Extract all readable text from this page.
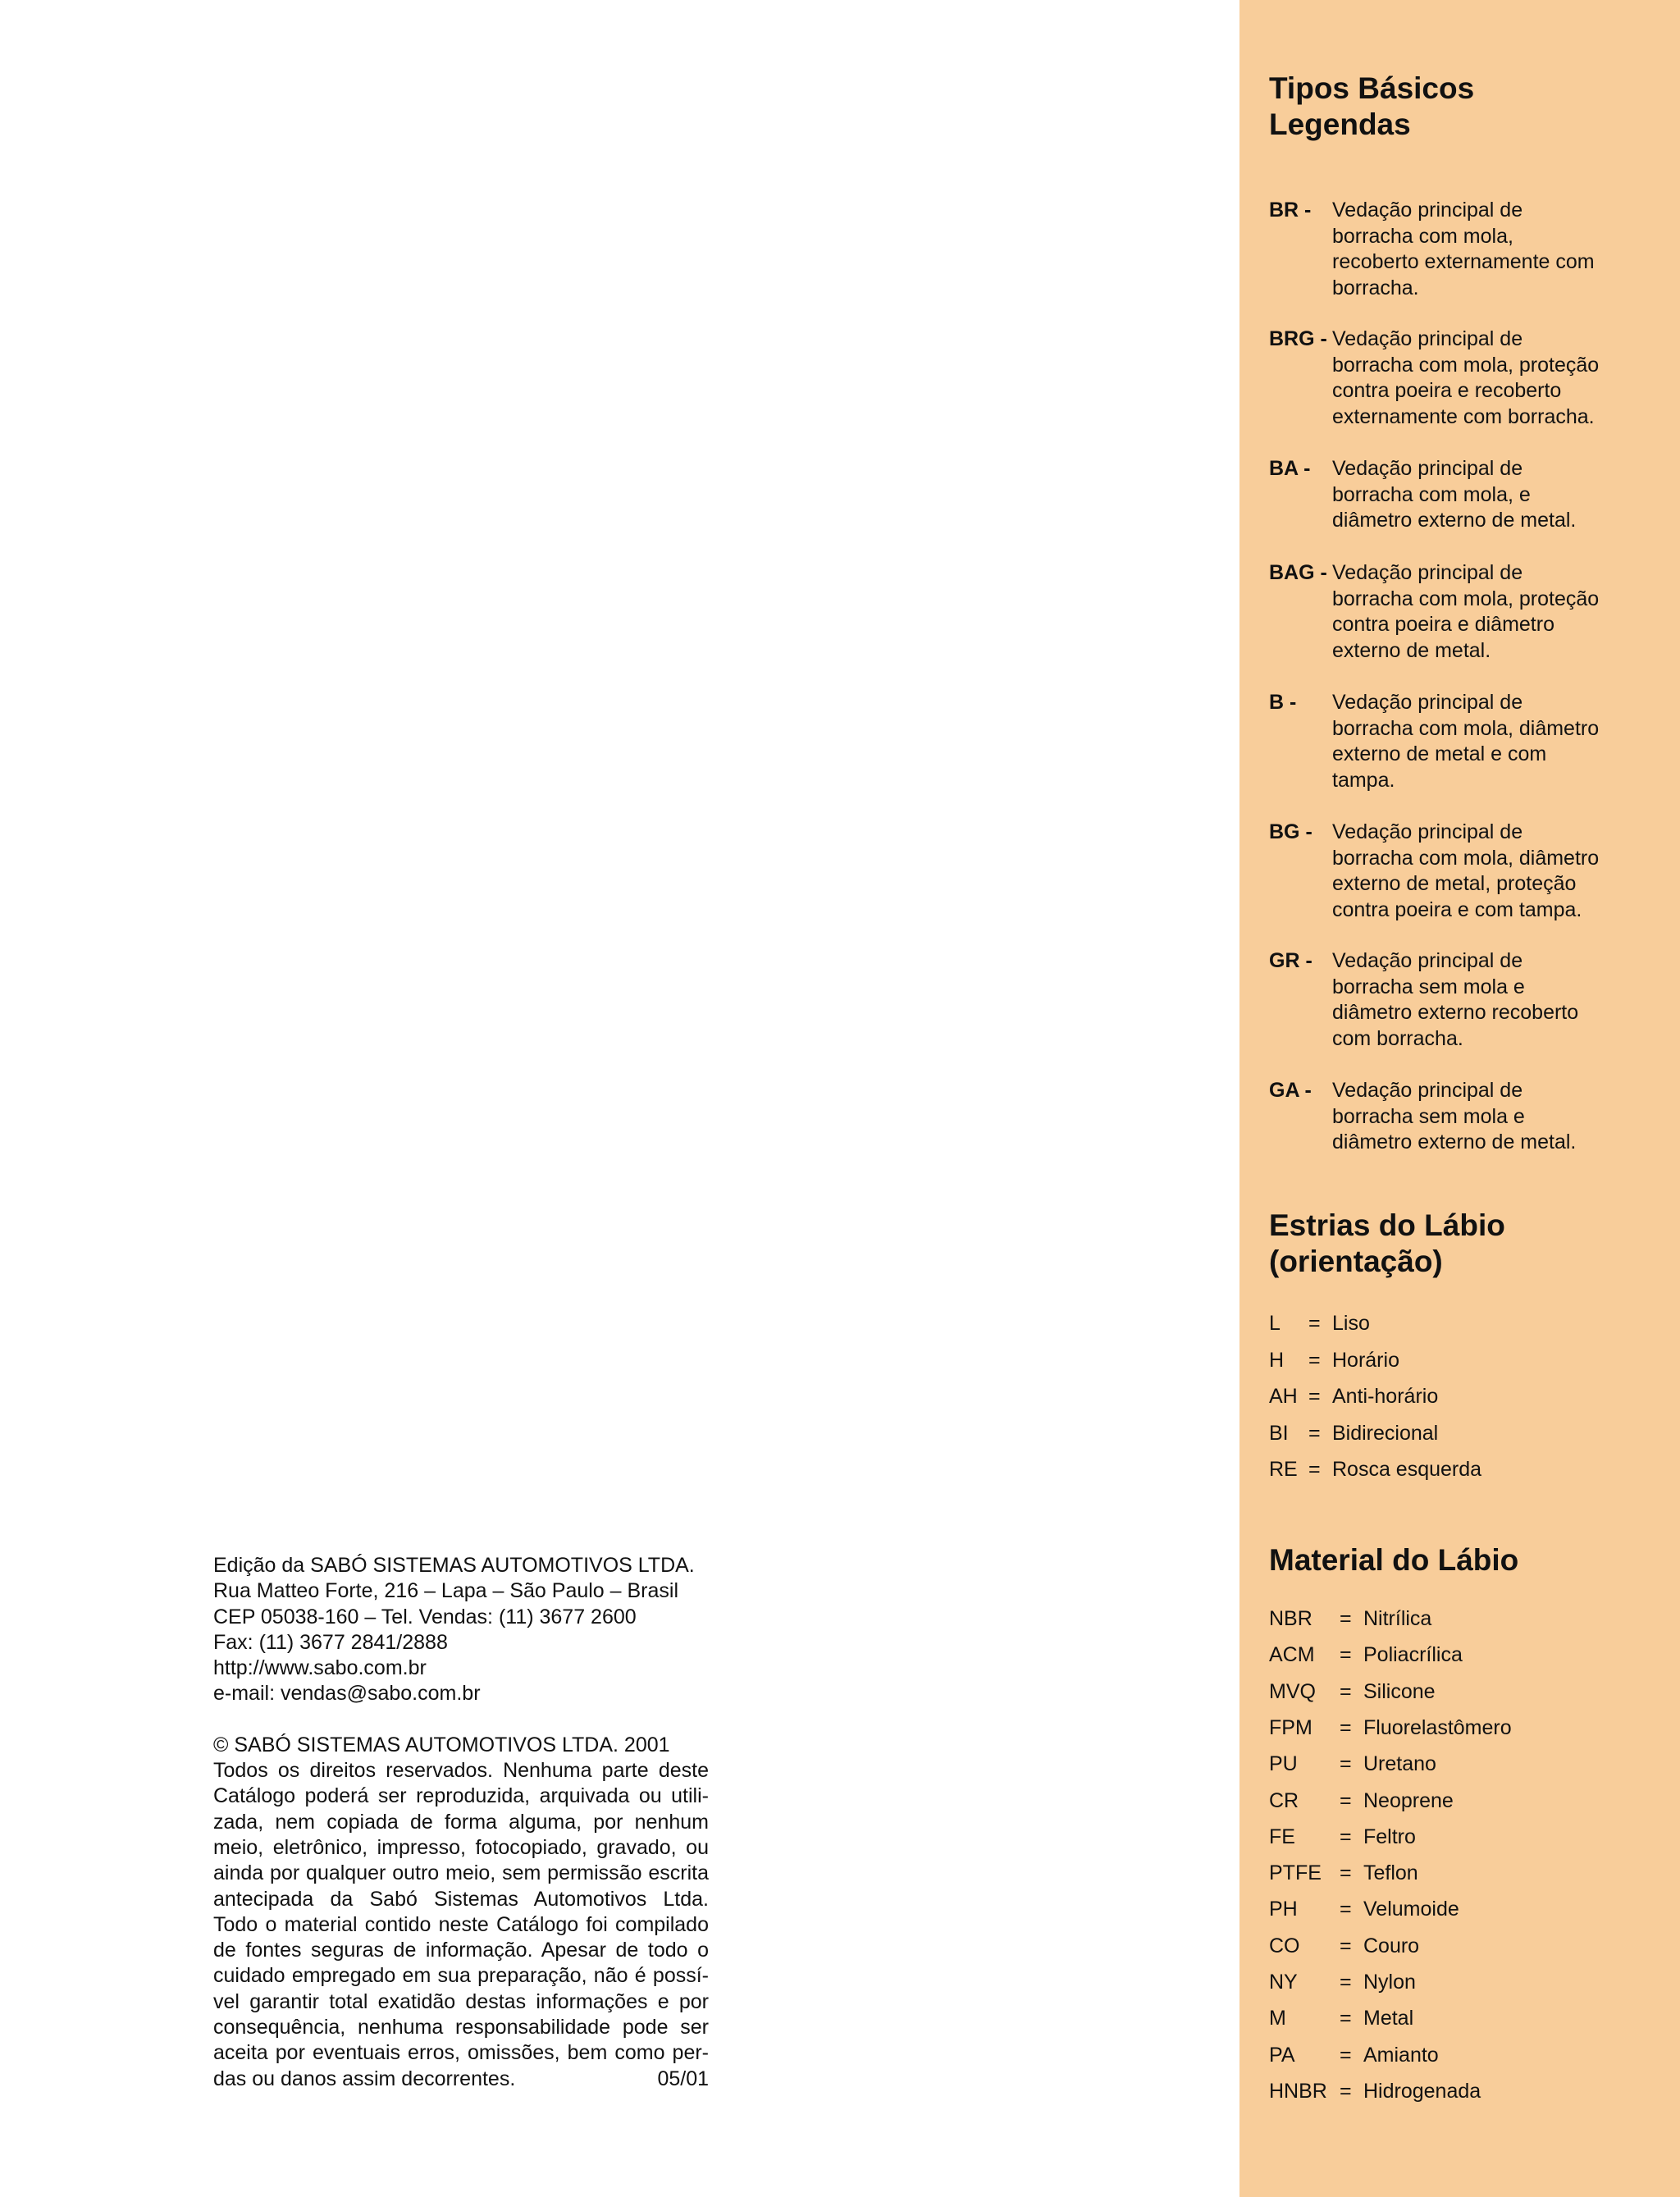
Tipos Básicos
Legendas
BR - Vedação principal de
borracha com mola,
recoberto externamente com
borracha.
BRG - Vedação principal de
borracha com mola, proteção
contra poeira e recoberto
externamente com borracha.
BA - Vedação principal de
borracha com mola, e
diâmetro externo de metal.
BAG - Vedação principal de
borracha com mola, proteção
contra poeira e diâmetro
externo de metal.
B - Vedação principal de
borracha com mola, diâmetro
externo de metal e com
tampa.
BG - Vedação principal de
borracha com mola, diâmetro
externo de metal, proteção
contra poeira e com tampa.
GR - Vedação principal de
borracha sem mola e
diâmetro externo recoberto
com borracha.
GA - Vedação principal de
borracha sem mola e
diâmetro externo de metal.
Estrias do Lábio
(orientação)
L = Liso
H = Horário
AH = Anti-horário
BI = Bidirecional
RE = Rosca esquerda
Material do Lábio
NBR = Nitrílica
ACM = Poliacrílica
MVQ = Silicone
FPM = Fluorelastômero
PU = Uretano
CR = Neoprene
FE = Feltro
PTFE = Teflon
PH = Velumoide
CO = Couro
NY = Nylon
M	= Metal
PA = Amianto
HNBR = Hidrogenada
Edição da SABÓ SISTEMAS AUTOMOTIVOS LTDA.
Rua Matteo Forte, 216 – Lapa – São Paulo – Brasil
CEP 05038-160 – Tel. Vendas: (11) 3677 2600
Fax: (11) 3677 2841/2888
http://www.sabo.com.br
e-mail: vendas@sabo.com.br
© SABÓ SISTEMAS AUTOMOTIVOS LTDA. 2001
Todos os direitos reservados. Nenhuma parte deste
Catálogo poderá ser reproduzida, arquivada ou utili-
zada, nem copiada de forma alguma, por nenhum
meio, eletrônico, impresso, fotocopiado, gravado, ou
ainda por qualquer outro meio, sem permissão escrita
antecipada da Sabó Sistemas Automotivos Ltda.
Todo o material contido neste Catálogo foi compilado
de fontes seguras de informação. Apesar de todo o
cuidado empregado em sua preparação, não é possí-
vel garantir total exatidão destas informações e por
consequência, nenhuma responsabilidade pode ser
aceita por eventuais erros, omissões, bem como per-
das ou danos assim decorrentes.	05/01
